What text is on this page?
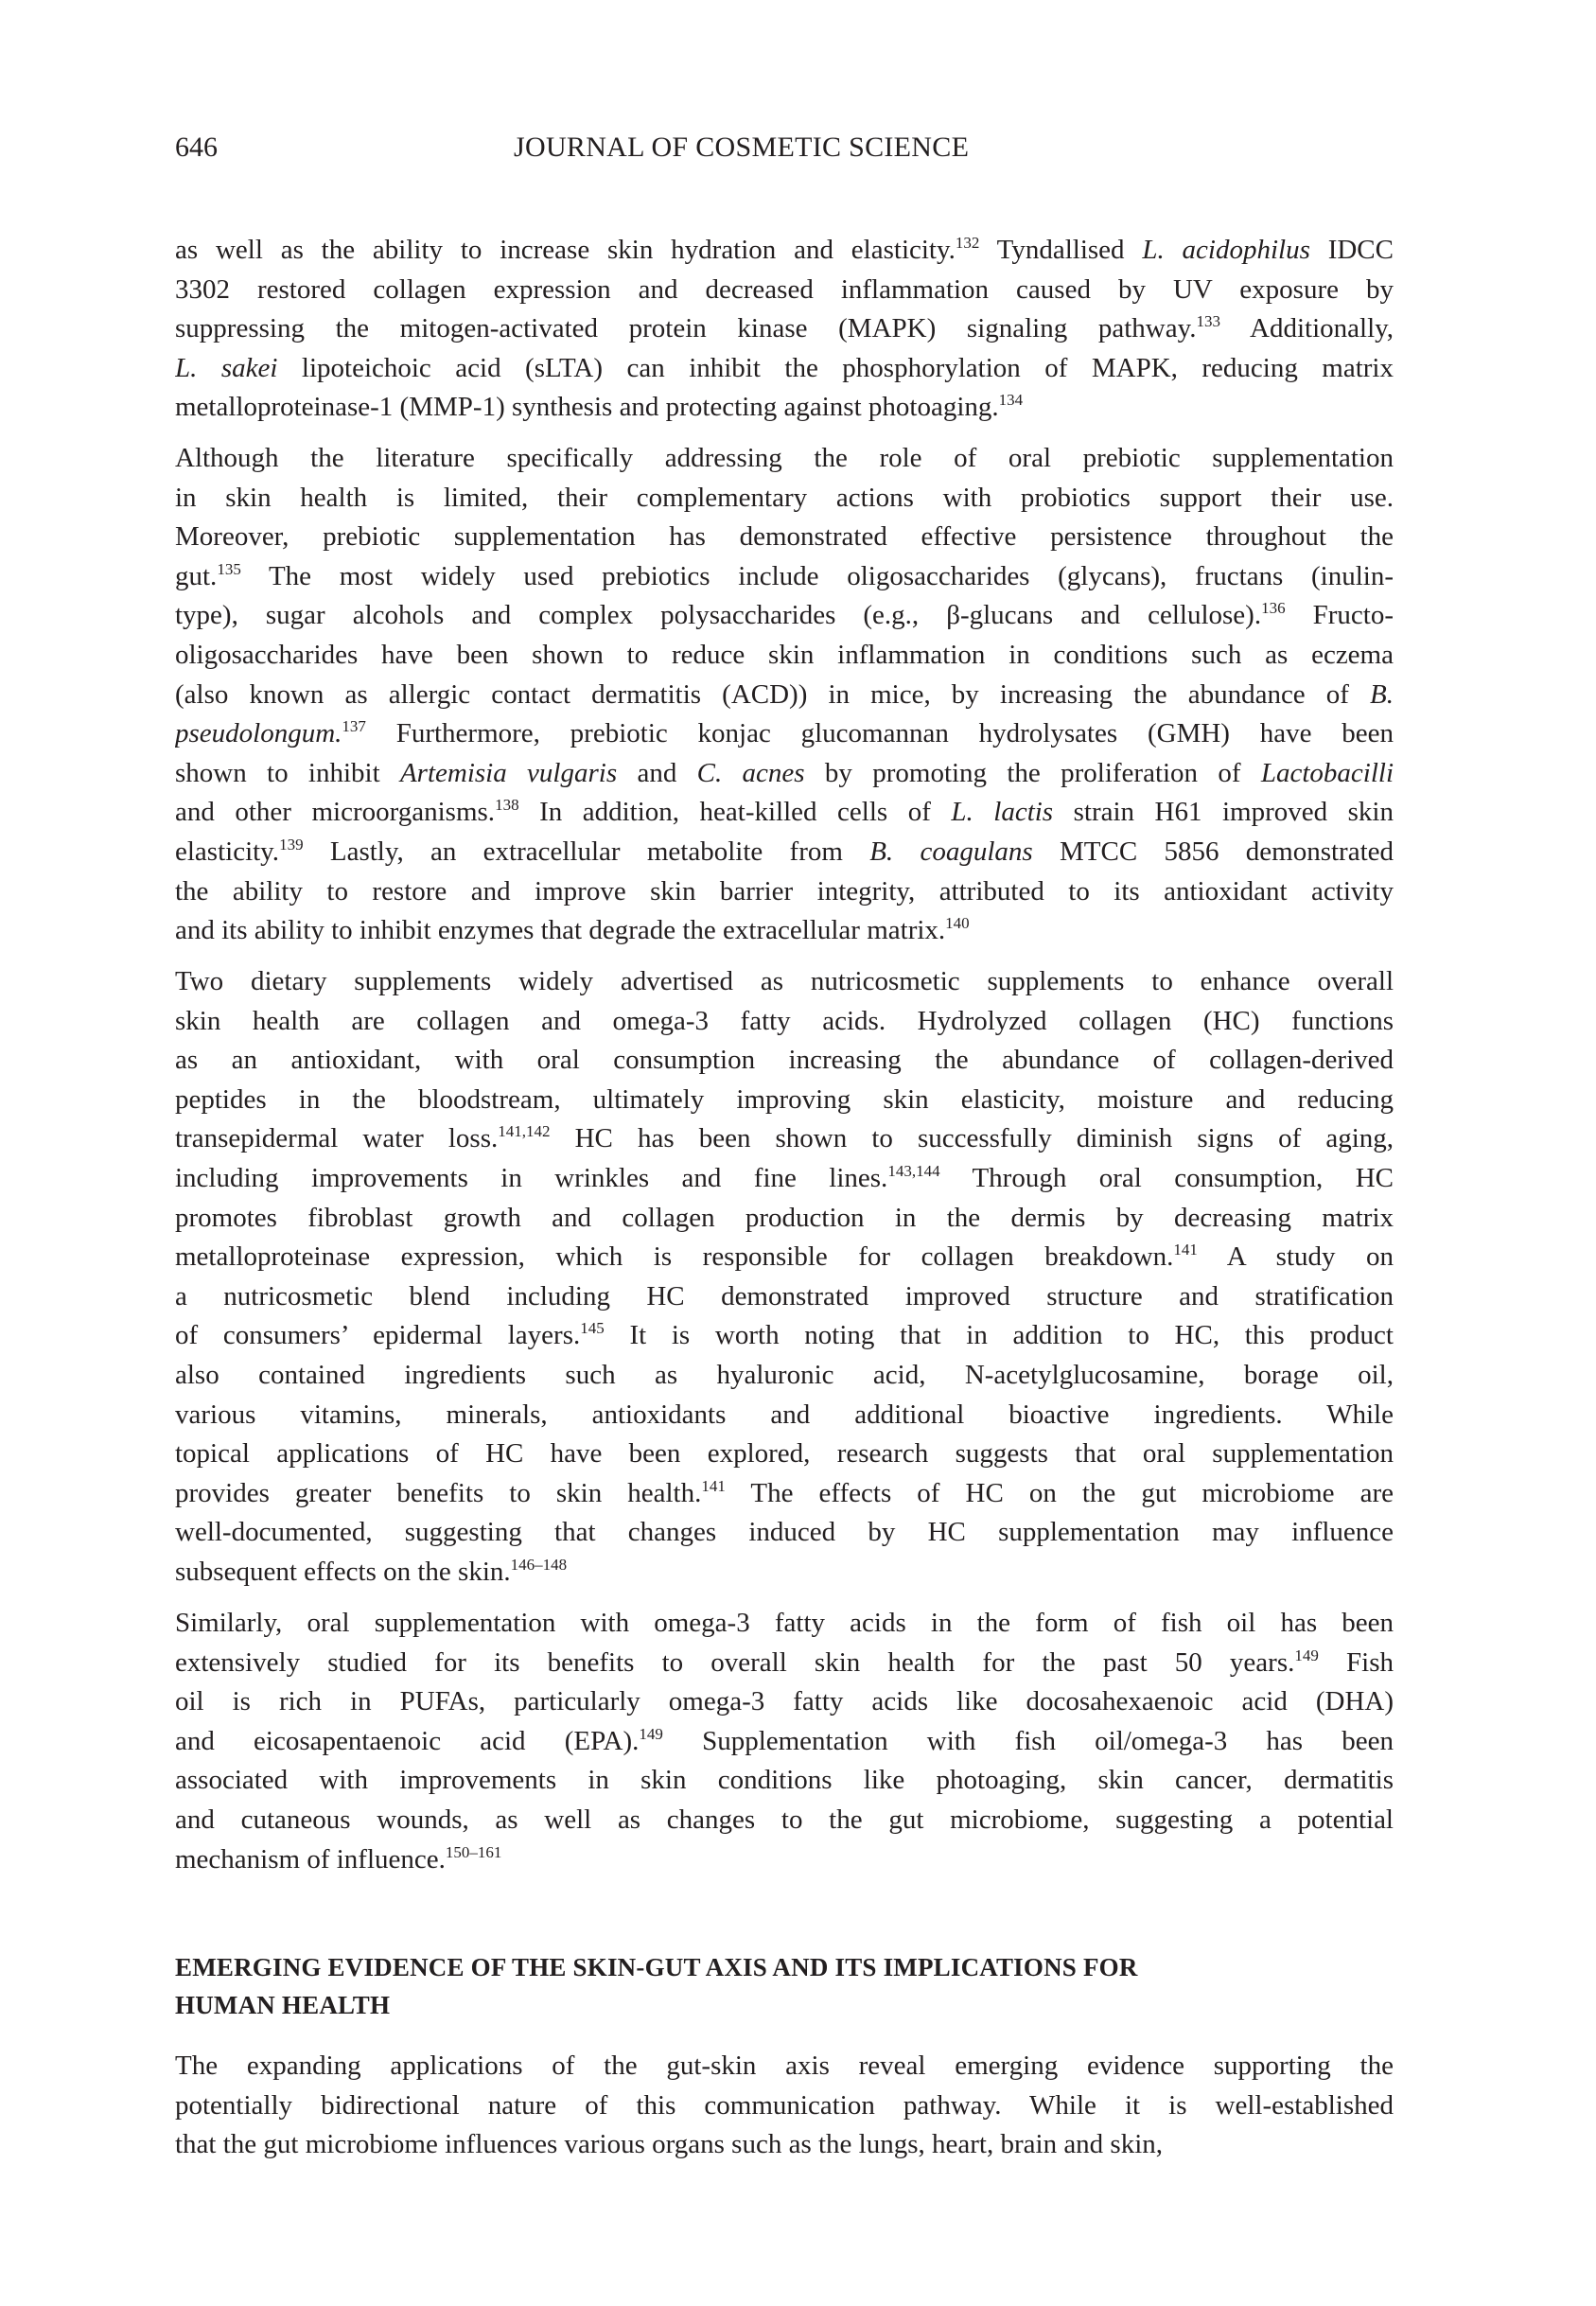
646	JOURNAL OF COSMETIC SCIENCE
as well as the ability to increase skin hydration and elasticity.$^{132}$ Tyndallised L. acidophilus IDCC
3302 restored collagen expression and decreased inflammation caused by UV exposure by
suppressing the mitogen-activated protein kinase (MAPK) signaling pathway.$^{133}$ Additionally,
L. sakei lipoteichoic acid (sLTA) can inhibit the phosphorylation of MAPK, reducing matrix
metalloproteinase-1 (MMP-1) synthesis and protecting against photoaging.$^{134}$
Although the literature specifically addressing the role of oral prebiotic supplementation
in skin health is limited, their complementary actions with probiotics support their use.
Moreover, prebiotic supplementation has demonstrated effective persistence throughout the
gut.$^{135}$ The most widely used prebiotics include oligosaccharides (glycans), fructans (inulin-
type), sugar alcohols and complex polysaccharides (e.g., β-glucans and cellulose).$^{136}$ Fructo-
oligosaccharides have been shown to reduce skin inflammation in conditions such as eczema
(also known as allergic contact dermatitis (ACD)) in mice, by increasing the abundance of B.
pseudolongum.$^{137}$ Furthermore, prebiotic konjac glucomannan hydrolysates (GMH) have been
shown to inhibit Artemisia vulgaris and C. acnes by promoting the proliferation of Lactobacilli
and other microorganisms.$^{138}$ In addition, heat-killed cells of L. lactis strain H61 improved skin
elasticity.$^{139}$ Lastly, an extracellular metabolite from B. coagulans MTCC 5856 demonstrated
the ability to restore and improve skin barrier integrity, attributed to its antioxidant activity
and its ability to inhibit enzymes that degrade the extracellular matrix.$^{140}$
Two dietary supplements widely advertised as nutricosmetic supplements to enhance overall
skin health are collagen and omega-3 fatty acids. Hydrolyzed collagen (HC) functions
as an antioxidant, with oral consumption increasing the abundance of collagen-derived
peptides in the bloodstream, ultimately improving skin elasticity, moisture and reducing
transepidermal water loss.$^{141,142}$ HC has been shown to successfully diminish signs of aging,
including improvements in wrinkles and fine lines.$^{143,144}$ Through oral consumption, HC
promotes fibroblast growth and collagen production in the dermis by decreasing matrix
metalloproteinase expression, which is responsible for collagen breakdown.$^{141}$ A study on
a nutricosmetic blend including HC demonstrated improved structure and stratification
of consumers’ epidermal layers.$^{145}$ It is worth noting that in addition to HC, this product
also contained ingredients such as hyaluronic acid, N-acetylglucosamine, borage oil,
various vitamins, minerals, antioxidants and additional bioactive ingredients. While
topical applications of HC have been explored, research suggests that oral supplementation
provides greater benefits to skin health.$^{141}$ The effects of HC on the gut microbiome are
well-documented, suggesting that changes induced by HC supplementation may influence
subsequent effects on the skin.$^{146-148}$
Similarly, oral supplementation with omega-3 fatty acids in the form of fish oil has been
extensively studied for its benefits to overall skin health for the past 50 years.$^{149}$ Fish
oil is rich in PUFAs, particularly omega-3 fatty acids like docosahexaenoic acid (DHA)
and eicosapentaenoic acid (EPA).$^{149}$ Supplementation with fish oil/omega-3 has been
associated with improvements in skin conditions like photoaging, skin cancer, dermatitis
and cutaneous wounds, as well as changes to the gut microbiome, suggesting a potential
mechanism of influence.$^{150-161}$
EMERGING EVIDENCE OF THE SKIN-GUT AXIS AND ITS IMPLICATIONS FOR
HUMAN HEALTH
The expanding applications of the gut-skin axis reveal emerging evidence supporting the
potentially bidirectional nature of this communication pathway. While it is well-established
that the gut microbiome influences various organs such as the lungs, heart, brain and skin,
